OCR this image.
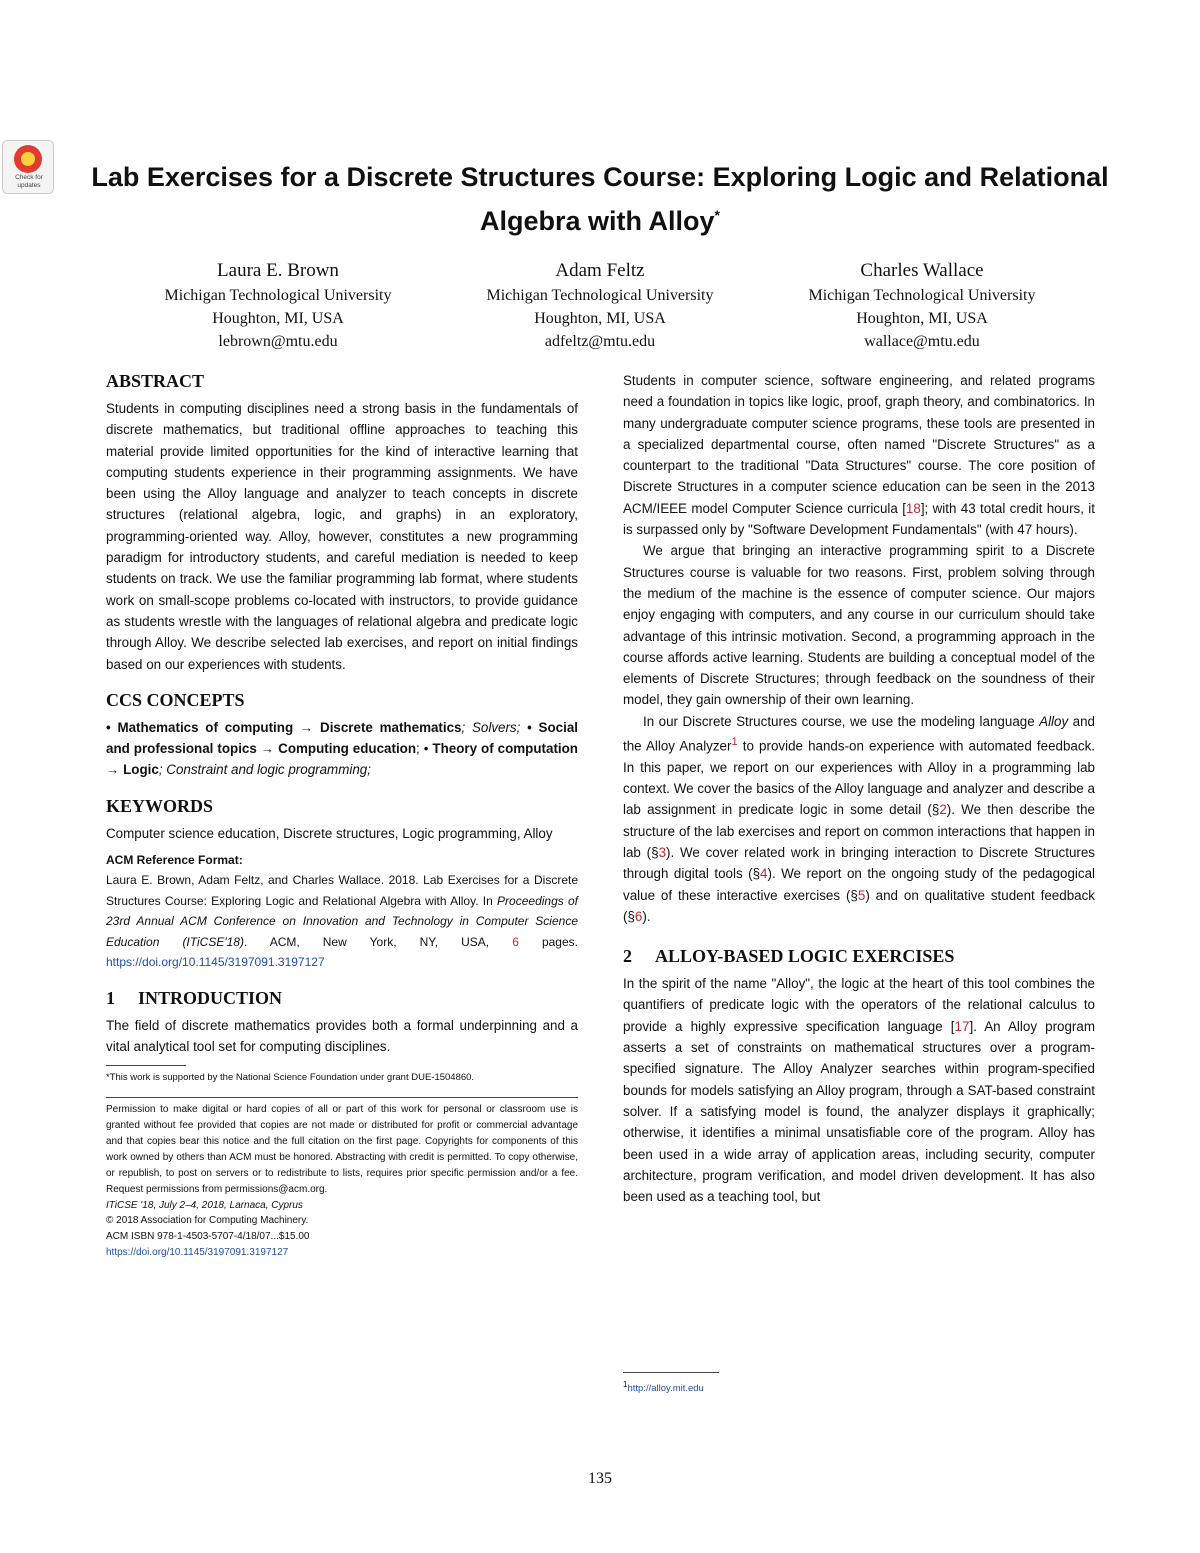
Check for updates	Lab Exercises for a Discrete Structures Course: Exploring Logic and Relational Algebra with Alloy*
Laura E. Brown
Michigan Technological University
Houghton, MI, USA
lebrown@mtu.edu
Adam Feltz
Michigan Technological University
Houghton, MI, USA
adfeltz@mtu.edu
Charles Wallace
Michigan Technological University
Houghton, MI, USA
wallace@mtu.edu
ABSTRACT

Students in computing disciplines need a strong basis in the fundamentals of discrete mathematics, but traditional offline approaches to teaching this material provide limited opportunities for the kind of interactive learning that computing students experience in their programming assignments. We have been using the Alloy language and analyzer to teach concepts in discrete structures (relational algebra, logic, and graphs) in an exploratory, programming-oriented way. Alloy, however, constitutes a new programming paradigm for introductory students, and careful mediation is needed to keep students on track. We use the familiar programming lab format, where students work on small-scope problems co-located with instructors, to provide guidance as students wrestle with the languages of relational algebra and predicate logic through Alloy. We describe selected lab exercises, and report on initial findings based on our experiences with students.

CCS CONCEPTS

• Mathematics of computing → Discrete mathematics; Solvers; • Social and professional topics → Computing education; • Theory of computation → Logic; Constraint and logic programming;

KEYWORDS

Computer science education, Discrete structures, Logic programming, Alloy

ACM Reference Format:

Laura E. Brown, Adam Feltz, and Charles Wallace. 2018. Lab Exercises for a Discrete Structures Course: Exploring Logic and Relational Algebra with Alloy. In Proceedings of 23rd Annual ACM Conference on Innovation and Technology in Computer Science Education (ITiCSE'18). ACM, New York, NY, USA, 6 pages. https://doi.org/10.1145/3197091.3197127

1 INTRODUCTION

The field of discrete mathematics provides both a formal underpinning and a vital analytical tool set for computing disciplines.

*This work is supported by the National Science Foundation under grant DUE-1504860.

Permission to make digital or hard copies of all or part of this work for personal or classroom use is granted without fee provided that copies are not made or distributed for profit or commercial advantage and that copies bear this notice and the full citation on the first page. Copyrights for components of this work owned by others than ACM must be honored. Abstracting with credit is permitted. To copy otherwise, or republish, to post on servers or to redistribute to lists, requires prior specific permission and/or a fee. Request permissions from permissions@acm.org.

ITiCSE '18, July 2–4, 2018, Larnaca, Cyprus

© 2018 Association for Computing Machinery.

ACM ISBN 978-1-4503-5707-4/18/07...$15.00

https://doi.org/10.1145/3197091.3197127

Students in computer science, software engineering, and related programs need a foundation in topics like logic, proof, graph theory, and combinatorics. In many undergraduate computer science programs, these tools are presented in a specialized departmental course, often named "Discrete Structures" as a counterpart to the traditional "Data Structures" course. The core position of Discrete Structures in a computer science education can be seen in the 2013 ACM/IEEE model Computer Science curricula [18]; with 43 total credit hours, it is surpassed only by "Software Development Fundamentals" (with 47 hours).

We argue that bringing an interactive programming spirit to a Discrete Structures course is valuable for two reasons. First, problem solving through the medium of the machine is the essence of computer science. Our majors enjoy engaging with computers, and any course in our curriculum should take advantage of this intrinsic motivation. Second, a programming approach in the course affords active learning. Students are building a conceptual model of the elements of Discrete Structures; through feedback on the soundness of their model, they gain ownership of their own learning.

In our Discrete Structures course, we use the modeling language Alloy and the Alloy Analyzer$^1$ to provide hands-on experience with automated feedback. In this paper, we report on our experiences with Alloy in a programming lab context. We cover the basics of the Alloy language and analyzer and describe a lab assignment in predicate logic in some detail (§2). We then describe the structure of the lab exercises and report on common interactions that happen in lab (§3). We cover related work in bringing interaction to Discrete Structures through digital tools (§4). We report on the ongoing study of the pedagogical value of these interactive exercises (§5) and on qualitative student feedback (§6).

2 ALLOY-BASED LOGIC EXERCISES

In the spirit of the name "Alloy", the logic at the heart of this tool combines the quantifiers of predicate logic with the operators of the relational calculus to provide a highly expressive specification language [17]. An Alloy program asserts a set of constraints on mathematical structures over a program-specified signature. The Alloy Analyzer searches within program-specified bounds for models satisfying an Alloy program, through a SAT-based constraint solver. If a satisfying model is found, the analyzer displays it graphically; otherwise, it identifies a minimal unsatisfiable core of the program. Alloy has been used in a wide array of application areas, including security, computer architecture, program verification, and model driven development. It has also been used as a teaching tool, but

$^1$http://alloy.mit.edu

135
